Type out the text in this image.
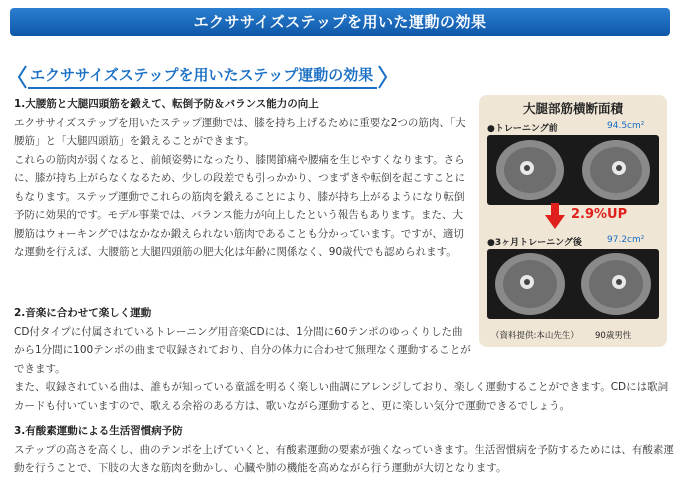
エクササイズステップを用いた運動の効果
エクササイズステップを用いたステップ運動の効果

1.大腰筋と大腿四頭筋を鍛えて、転倒予防＆バランス能力の向上

エクササイズステップを用いたステップ運動では、膝を持ち上げるために重要な2つの筋肉、「大腰筋」と「大腿四頭筋」を鍛えることができます。

これらの筋肉が弱くなると、前傾姿勢になったり、膝関節痛や腰痛を生じやすくなります。さらに、膝が持ち上がらなくなるため、少しの段差でも引っかかり、つまずきや転倒を起こすことにもなります。ステップ運動でこれらの筋肉を鍛えることにより、膝が持ち上がるようになり転倒予防に効果的です。モデル事業では、バランス能力が向上したという報告もあります。また、大腰筋はウォーキングではなかなか鍛えられない筋肉であることも分かっています。ですが、適切な運動を行えば、大腰筋と大腿四頭筋の肥大化は年齢に関係なく、90歳代でも認められます。

2.音楽に合わせて楽しく運動

CD付タイプに付属されているトレーニング用音楽CDには、1分間に60テンポのゆっくりした曲から1分間に100テンポの曲まで収録されており、自分の体力に合わせて無理なく運動することができます。

また、収録されている曲は、誰もが知っている童謡を明るく楽しい曲調にアレンジしており、楽しく運動することができます。CDには歌詞カードも付いていますので、歌える余裕のある方は、歌いながら運動すると、更に楽しい気分で運動できるでしょう。

3.有酸素運動による生活習慣病予防

ステップの高さを高くし、曲のテンポを上げていくと、有酸素運動の要素が強くなっていきます。生活習慣病を予防するためには、有酸素運動を行うことで、下肢の大きな筋肉を動かし、心臓や肺の機能を高めながら行う運動が大切となります。

大腿部筋横断面積
●トレーニング前	94.5cm²
2.9%UP
●3ヶ月トレーニング後	97.2cm²
（資料提供:本山先生） 90歳男性
